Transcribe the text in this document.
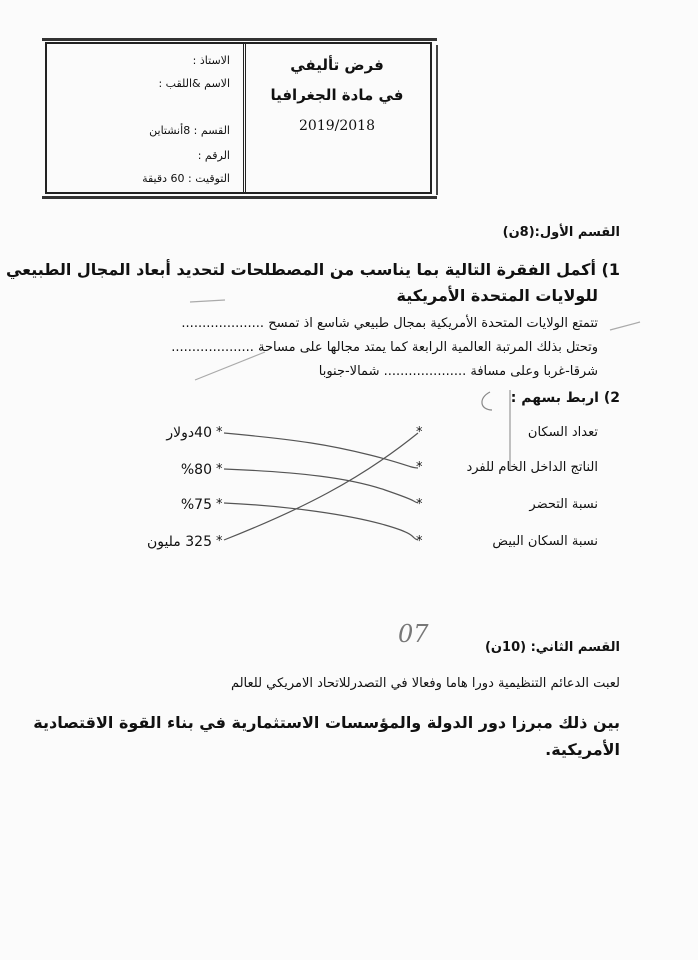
الاستاذ :
الاسم &اللقب :
القسم : 8أنشتاين
الرقم :
التوقيت : 60 دقيقة
فرض تأليفي
في مادة الجغرافيا
2019/2018
القسم الأول:(8ن)
1) أكمل الفقرة التالية بما يناسب من المصطلحات لتحديد أبعاد المجال الطبيعي
للولايات المتحدة الأمريكية
تتمتع الولايات المتحدة الأمريكية بمجال طبيعي شاسع اذ تمسح ....................
وتحتل بذلك المرتبة العالمية الرابعة كما يمتد مجالها على مساحة ....................
شرقا-غربا وعلى مسافة .................... شمالا-جنوبا
2) اربط بسهم :
تعداد السكان
الناتج الداخل الخام للفرد
نسبة التحضر
نسبة السكان البيض
*
*
*
*
40دولار
%80
%75
325 مليون
*
*
*
*
القسم الثاني: (10ن)
07
لعبت الدعائم التنظيمية دورا هاما وفعالا في التصدرللاتحاد الامريكي للعالم
بين ذلك مبرزا دور الدولة والمؤسسات الاستثمارية في بناء القوة الاقتصادية
الأمريكية.
